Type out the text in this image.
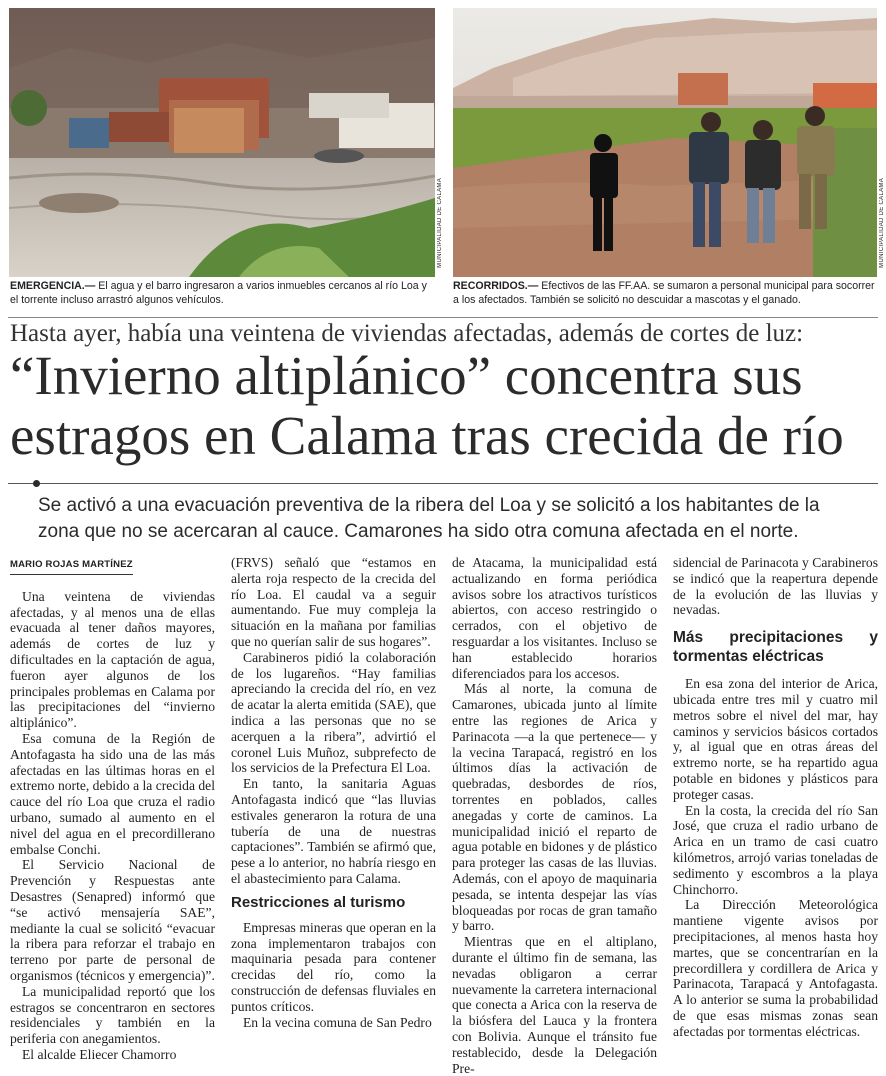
MUNICIPALIDAD DE CALAMA	MUNICIPALIDAD DE CALAMA
EMERGENCIA.— El agua y el barro ingresaron a varios inmuebles cercanos al río Loa y el torrente incluso arrastró algunos vehículos.
RECORRIDOS.— Efectivos de las FF.AA. se sumaron a personal municipal para socorrer a los afectados. También se solicitó no descuidar a mascotas y el ganado.
Hasta ayer, había una veintena de viviendas afectadas, además de cortes de luz:
“Invierno altiplánico” concentra sus
estragos en Calama tras crecida de río
Se activó a una evacuación preventiva de la ribera del Loa y se solicitó a los habitantes de la zona que no se acercaran al cauce. Camarones ha sido otra comuna afectada en el norte.
MARIO ROJAS MARTÍNEZ

Una veintena de viviendas afectadas, y al menos una de ellas evacuada al tener daños mayores, además de cortes de luz y dificultades en la captación de agua, fueron ayer algunos de los principales problemas en Calama por las precipitaciones del “invierno altiplánico”.

Esa comuna de la Región de Antofagasta ha sido una de las más afectadas en las últimas horas en el extremo norte, debido a la crecida del cauce del río Loa que cruza el radio urbano, sumado al aumento en el nivel del agua en el precordillerano embalse Conchi.

El Servicio Nacional de Prevención y Respuestas ante Desastres (Senapred) informó que “se activó mensajería SAE”, mediante la cual se solicitó “evacuar la ribera para reforzar el trabajo en terreno por parte de personal de organismos (técnicos y emergencia)”.

La municipalidad reportó que los estragos se concentraron en sectores residenciales y también en la periferia con anegamientos.

El alcalde Eliecer Chamorro

(FRVS) señaló que “estamos en alerta roja respecto de la crecida del río Loa. El caudal va a seguir aumentando. Fue muy compleja la situación en la mañana por familias que no querían salir de sus hogares”.

Carabineros pidió la colaboración de los lugareños. “Hay familias apreciando la crecida del río, en vez de acatar la alerta emitida (SAE), que indica a las personas que no se acerquen a la ribera”, advirtió el coronel Luis Muñoz, subprefecto de los servicios de la Prefectura El Loa.

En tanto, la sanitaria Aguas Antofagasta indicó que “las lluvias estivales generaron la rotura de una tubería de una de nuestras captaciones”. También se afirmó que, pese a lo anterior, no habría riesgo en el abastecimiento para Calama.

Restricciones al turismo

Empresas mineras que operan en la zona implementaron trabajos con maquinaria pesada para contener crecidas del río, como la construcción de defensas fluviales en puntos críticos.

En la vecina comuna de San Pedro

de Atacama, la municipalidad está actualizando en forma periódica avisos sobre los atractivos turísticos abiertos, con acceso restringido o cerrados, con el objetivo de resguardar a los visitantes. Incluso se han establecido horarios diferenciados para los accesos.

Más al norte, la comuna de Camarones, ubicada junto al límite entre las regiones de Arica y Parinacota —a la que pertenece— y la vecina Tarapacá, registró en los últimos días la activación de quebradas, desbordes de ríos, torrentes en poblados, calles anegadas y corte de caminos. La municipalidad inició el reparto de agua potable en bidones y de plástico para proteger las casas de las lluvias. Además, con el apoyo de maquinaria pesada, se intenta despejar las vías bloqueadas por rocas de gran tamaño y barro.

Mientras que en el altiplano, durante el último fin de semana, las nevadas obligaron a cerrar nuevamente la carretera internacional que conecta a Arica con la reserva de la biósfera del Lauca y la frontera con Bolivia. Aunque el tránsito fue restablecido, desde la Delegación Pre-

sidencial de Parinacota y Carabineros se indicó que la reapertura depende de la evolución de las lluvias y nevadas.

Más precipitaciones y tormentas eléctricas

En esa zona del interior de Arica, ubicada entre tres mil y cuatro mil metros sobre el nivel del mar, hay caminos y servicios básicos cortados y, al igual que en otras áreas del extremo norte, se ha repartido agua potable en bidones y plásticos para proteger casas.

En la costa, la crecida del río San José, que cruza el radio urbano de Arica en un tramo de casi cuatro kilómetros, arrojó varias toneladas de sedimento y escombros a la playa Chinchorro.

La Dirección Meteorológica mantiene vigente avisos por precipitaciones, al menos hasta hoy martes, que se concentrarían en la precordillera y cordillera de Arica y Parinacota, Tarapacá y Antofagasta. A lo anterior se suma la probabilidad de que esas mismas zonas sean afectadas por tormentas eléctricas.
